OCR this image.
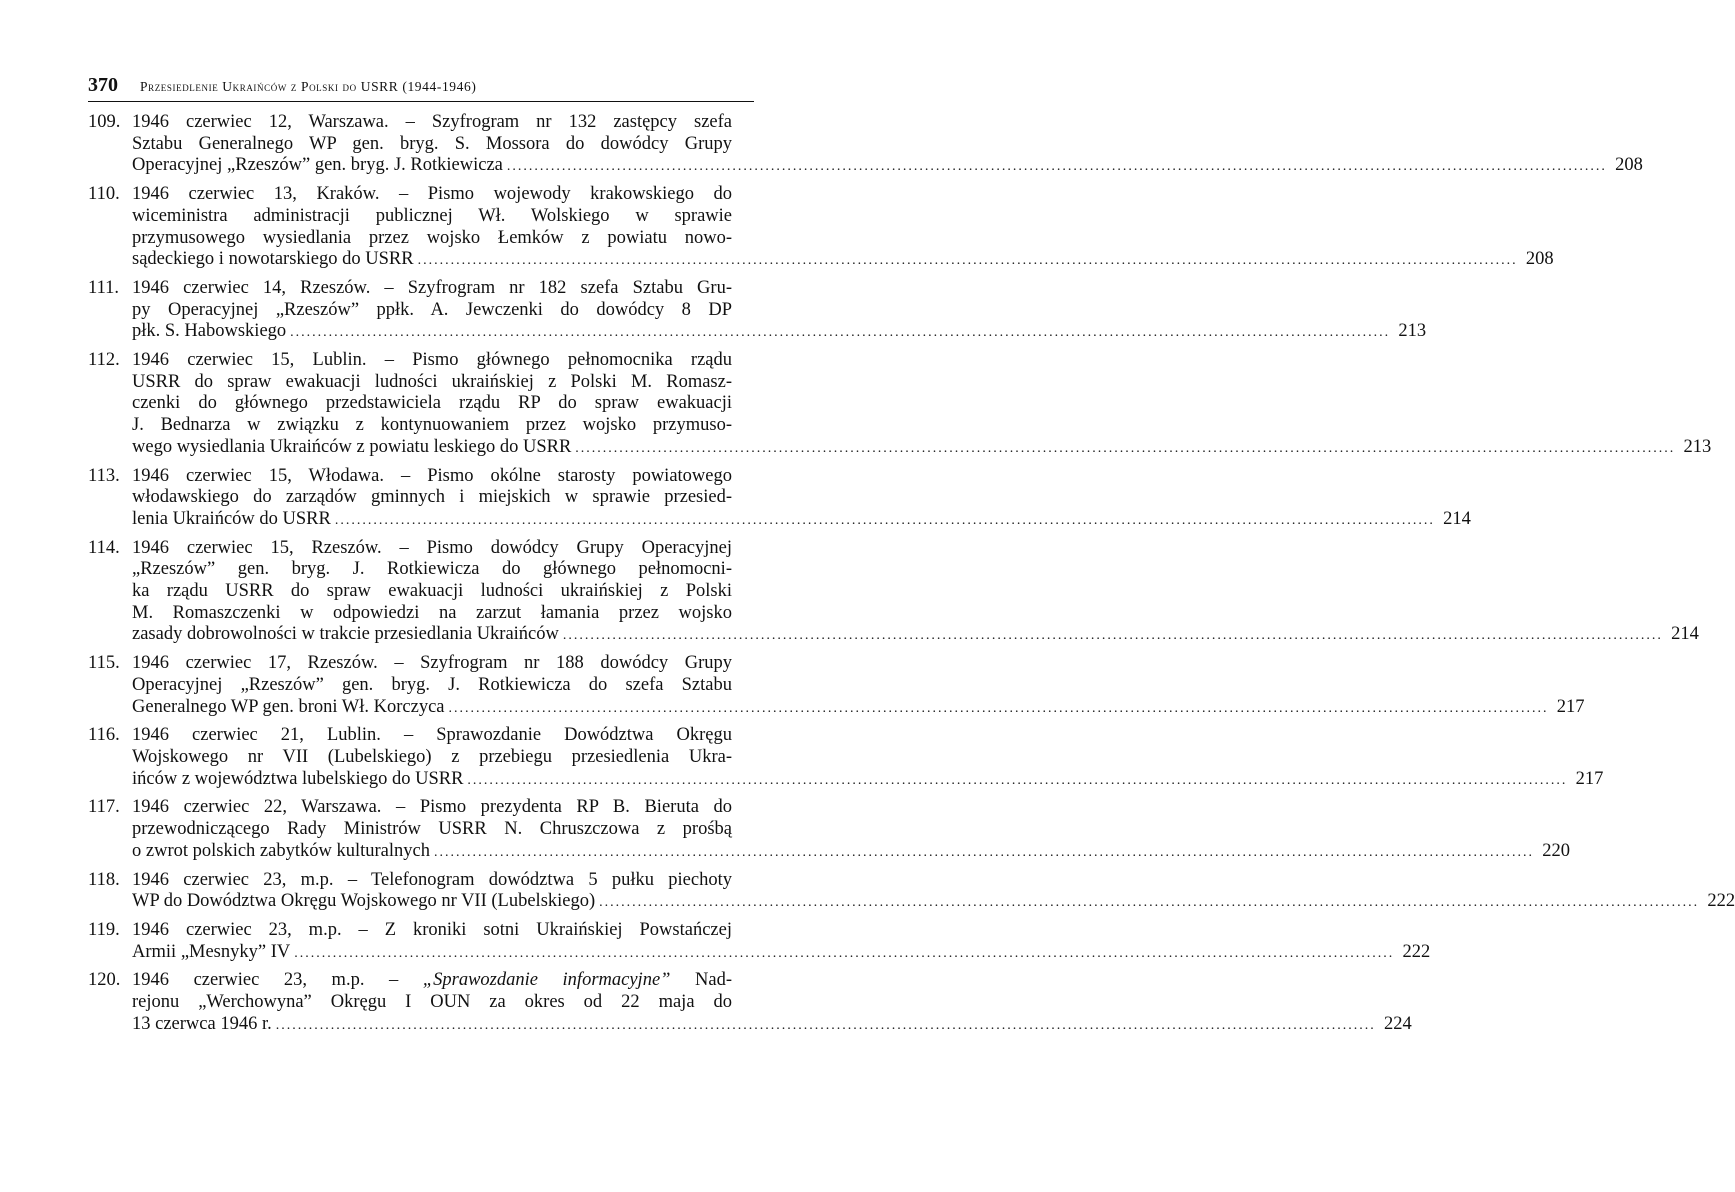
370 Przesiedlenie Ukraińców z Polski do USRR (1944-1946)
109. 1946 czerwiec 12, Warszawa. – Szyfrogram nr 132 zastępcy szefa
Sztabu Generalnego WP gen. bryg. S. Mossora do dowódcy Grupy
Operacyjnej „Rzeszów” gen. bryg. J. Rotkiewicza ........................................................................................................................................................................................................ 208
110. 1946 czerwiec 13, Kraków. – Pismo wojewody krakowskiego do
wiceministra administracji publicznej Wł. Wolskiego w sprawie
przymusowego wysiedlania przez wojsko Łemków z powiatu nowo-
sądeckiego i nowotarskiego do USRR ........................................................................................................................................................................................................ 208
111. 1946 czerwiec 14, Rzeszów. – Szyfrogram nr 182 szefa Sztabu Gru-
py Operacyjnej „Rzeszów” ppłk. A. Jewczenki do dowódcy 8 DP
płk. S. Habowskiego ........................................................................................................................................................................................................ 213
112. 1946 czerwiec 15, Lublin. – Pismo głównego pełnomocnika rządu
USRR do spraw ewakuacji ludności ukraińskiej z Polski M. Romasz-
czenki do głównego przedstawiciela rządu RP do spraw ewakuacji
J. Bednarza w związku z kontynuowaniem przez wojsko przymuso-
wego wysiedlania Ukraińców z powiatu leskiego do USRR ........................................................................................................................................................................................................ 213
113. 1946 czerwiec 15, Włodawa. – Pismo okólne starosty powiatowego
włodawskiego do zarządów gminnych i miejskich w sprawie przesied-
lenia Ukraińców do USRR ........................................................................................................................................................................................................ 214
114. 1946 czerwiec 15, Rzeszów. – Pismo dowódcy Grupy Operacyjnej
„Rzeszów” gen. bryg. J. Rotkiewicza do głównego pełnomocni-
ka rządu USRR do spraw ewakuacji ludności ukraińskiej z Polski
M. Romaszczenki w odpowiedzi na zarzut łamania przez wojsko
zasady dobrowolności w trakcie przesiedlania Ukraińców ........................................................................................................................................................................................................ 214
115. 1946 czerwiec 17, Rzeszów. – Szyfrogram nr 188 dowódcy Grupy
Operacyjnej „Rzeszów” gen. bryg. J. Rotkiewicza do szefa Sztabu
Generalnego WP gen. broni Wł. Korczyca ........................................................................................................................................................................................................ 217
116. 1946 czerwiec 21, Lublin. – Sprawozdanie Dowództwa Okręgu
Wojskowego nr VII (Lubelskiego) z przebiegu przesiedlenia Ukra-
ińców z województwa lubelskiego do USRR ........................................................................................................................................................................................................ 217
117. 1946 czerwiec 22, Warszawa. – Pismo prezydenta RP B. Bieruta do
przewodniczącego Rady Ministrów USRR N. Chruszczowa z prośbą
o zwrot polskich zabytków kulturalnych ........................................................................................................................................................................................................ 220
118. 1946 czerwiec 23, m.p. – Telefonogram dowództwa 5 pułku piechoty
WP do Dowództwa Okręgu Wojskowego nr VII (Lubelskiego) ........................................................................................................................................................................................................ 222
119. 1946 czerwiec 23, m.p. – Z kroniki sotni Ukraińskiej Powstańczej
Armii „Mesnyky” IV ........................................................................................................................................................................................................ 222
120. 1946 czerwiec 23, m.p. – „Sprawozdanie informacyjne” Nad-
rejonu „Werchowyna” Okręgu I OUN za okres od 22 maja do
13 czerwca 1946 r. ........................................................................................................................................................................................................ 224
